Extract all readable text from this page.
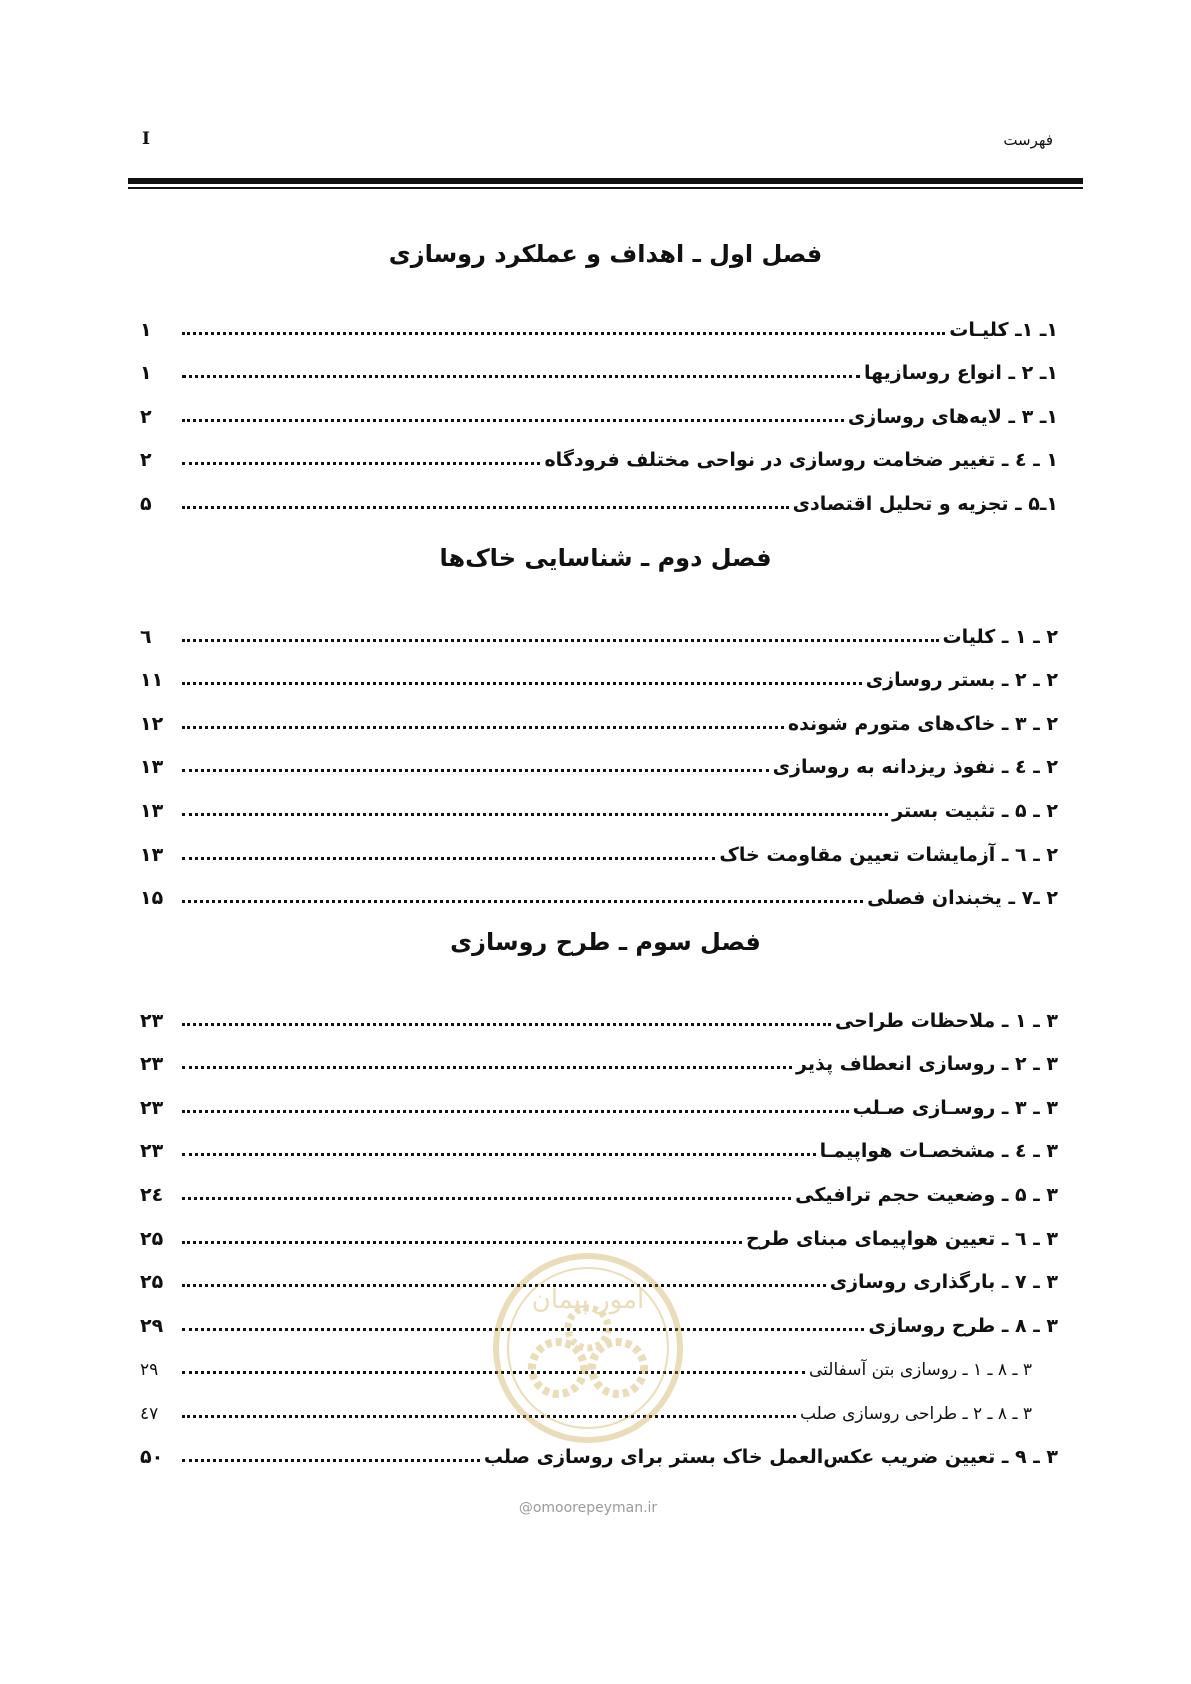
I	فهرست
فصل اول ـ اهداف و عملکرد روسازی
۱ـ ۱ـ کلیـات
۱
۱ـ ۲ ـ انواع روسازیها
۱
۱ـ ۳ ـ لایه‌های روسازی
۲
۱ ـ ٤ ـ تغییر ضخامت روسازی در نواحی مختلف فرودگاه
۲
۱ـ۵ ـ تجزیه و تحلیل اقتصادی
۵
فصل دوم ـ شناسایی خاک‌ها
۲ ـ ۱ ـ کلیات
٦
۲ ـ ۲ ـ بستر روسازی
۱۱
۲ ـ ۳ ـ خاک‌های متورم شونده
۱۲
۲ ـ ٤ ـ نفوذ ریزدانه به روسازی
۱۳
۲ ـ ۵ ـ تثبیت بستر
۱۳
۲ ـ ٦ ـ آزمایشات تعیین مقاومت خاک
۱۳
۲ ـ۷ ـ یخبندان فصلی
۱۵
فصل سوم ـ طرح روسازی
۳ ـ ۱ ـ ملاحظات طراحی
۲۳
۳ ـ ۲ ـ روسازی انعطاف پذیر
۲۳
۳ ـ ۳ ـ روسـازی صـلب
۲۳
۳ ـ ٤ ـ مشخصـات هواپیمـا
۲۳
۳ ـ ۵ ـ وضعیت حجم ترافیکی
۲٤
۳ ـ ٦ ـ تعیین هواپیمای مبنای طرح
۲۵
۳ ـ ۷ ـ بارگذاری روسازی
۲۵
۳ ـ ۸ ـ طرح روسازی
۲۹
۳ ـ ۸ ـ ۱ ـ روسازی بتن آسفالتی
۲۹
۳ ـ ۸ ـ ۲ ـ طراحی روسازی صلب
٤۷
۳ ـ ۹ ـ تعیین ضریب عکس‌العمل خاک بستر برای روسازی صلب
۵۰
امور پیمان
@omoorepeyman.ir
